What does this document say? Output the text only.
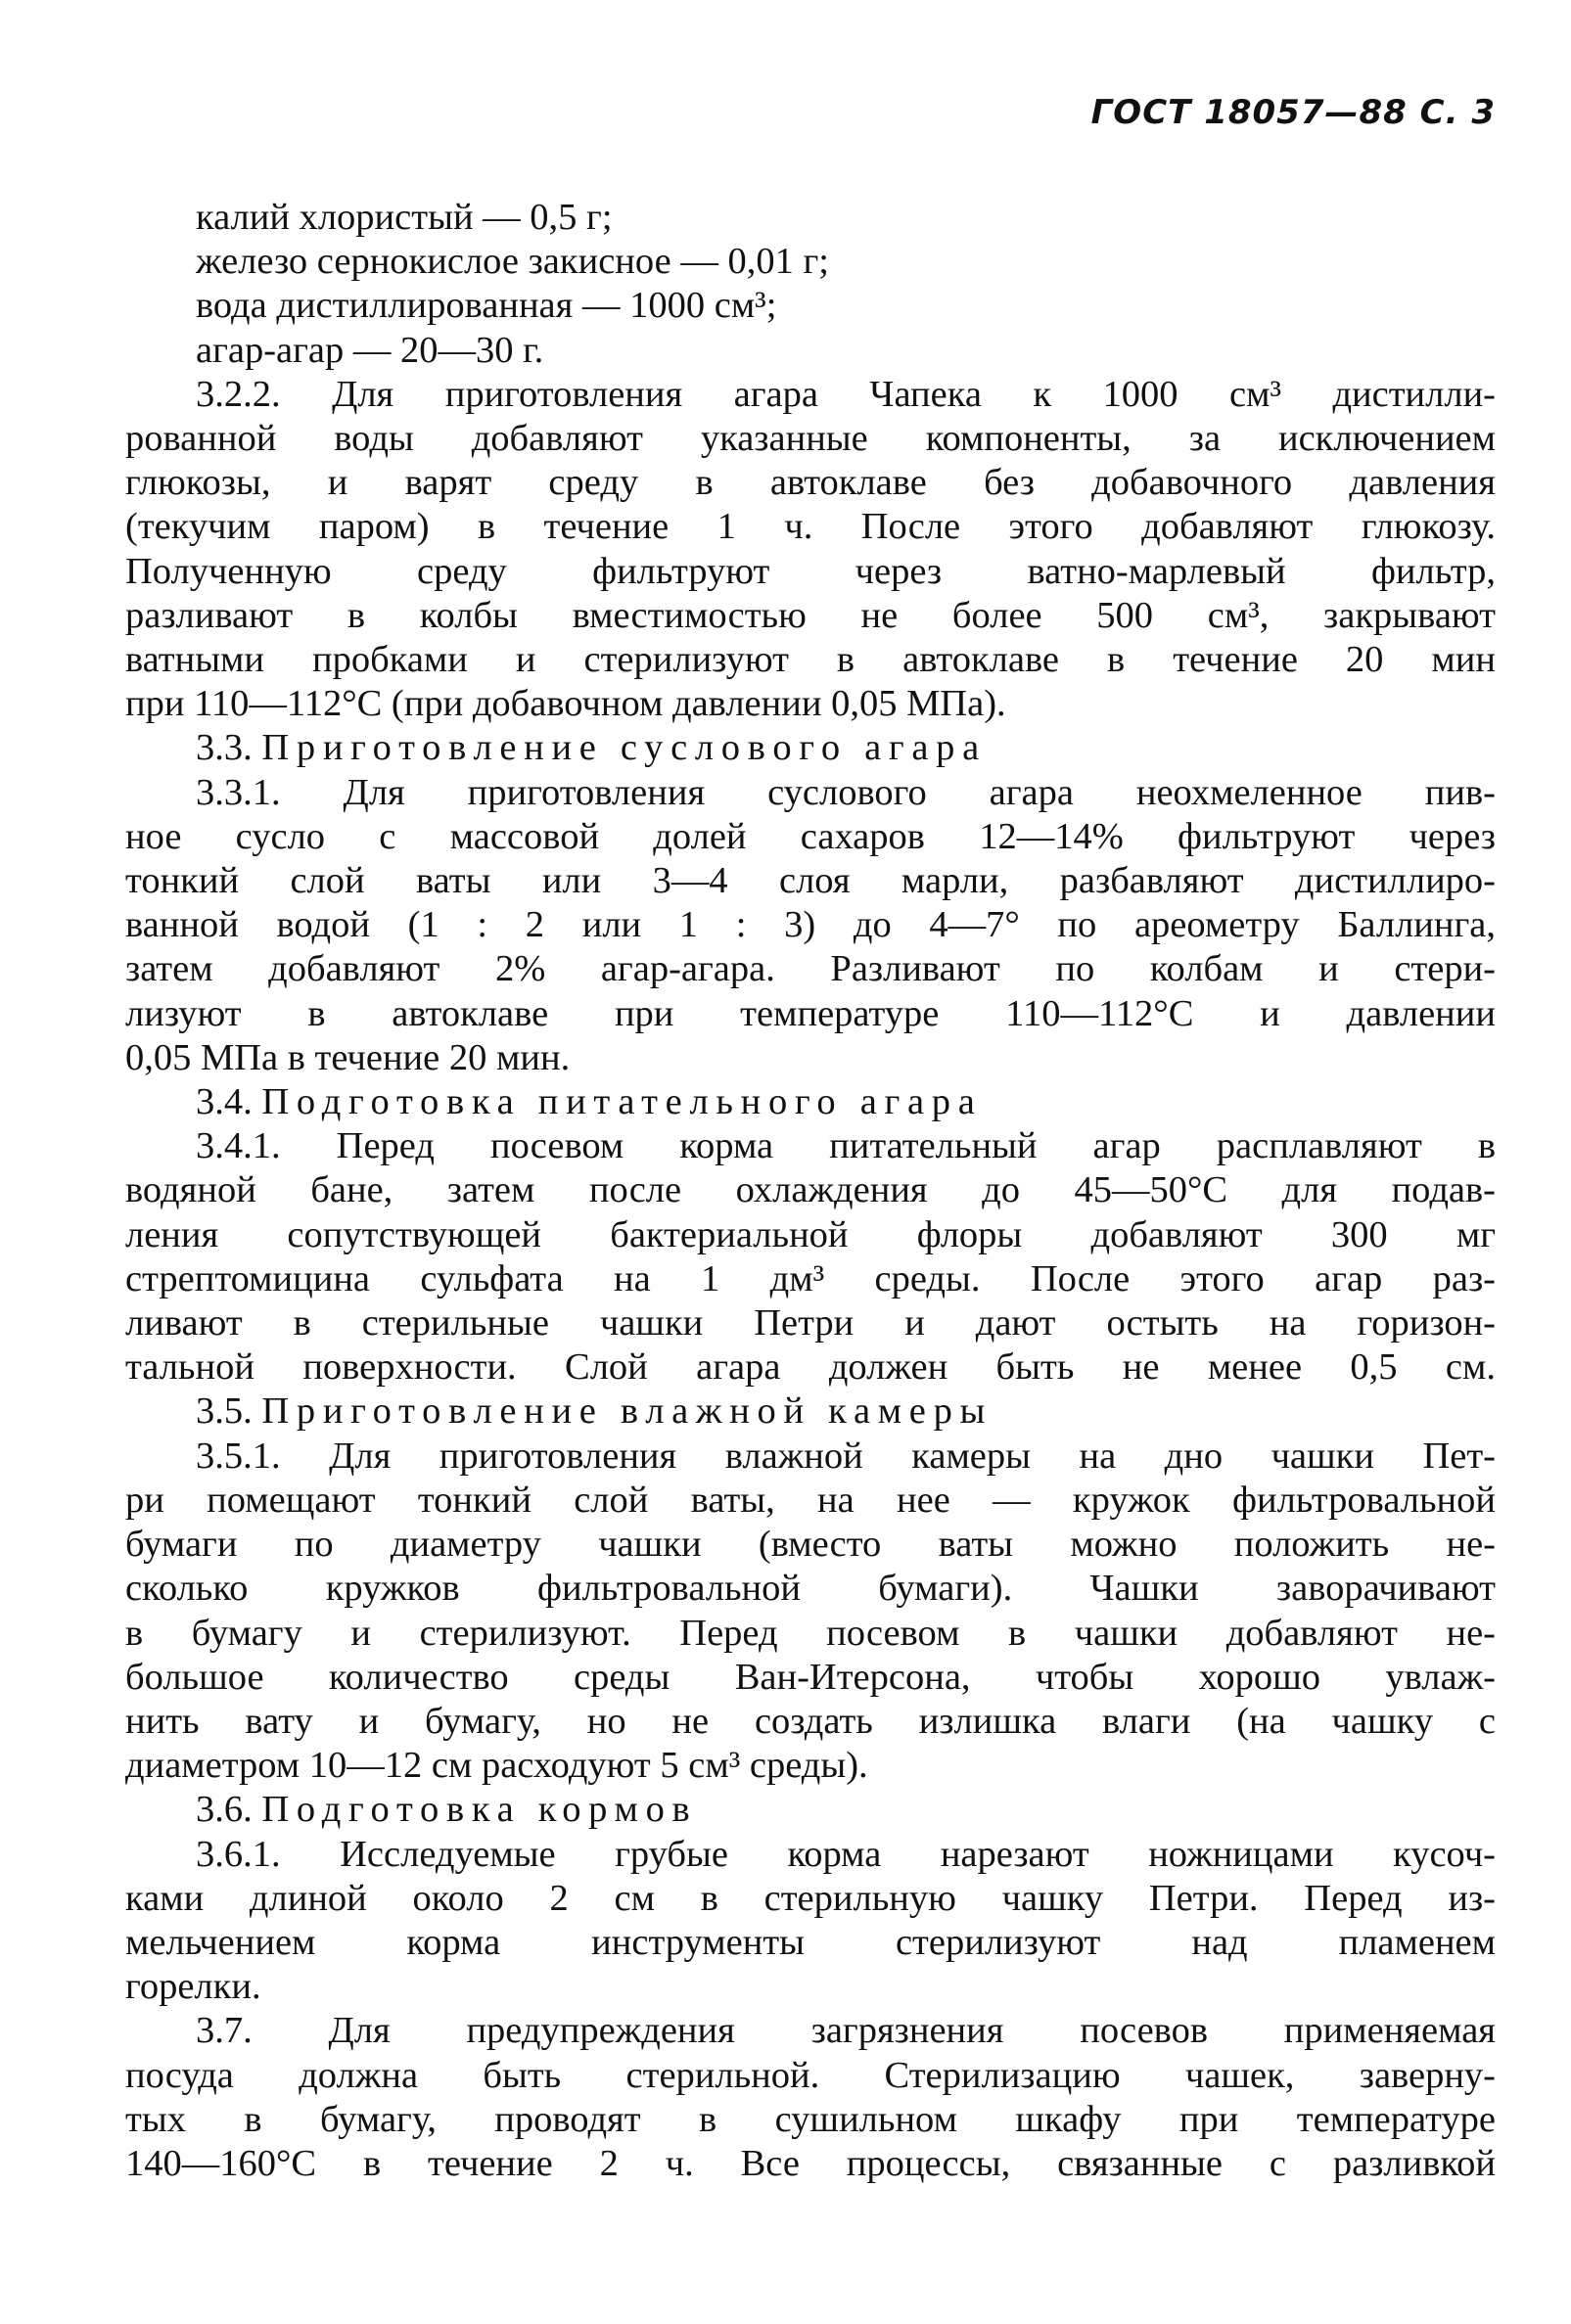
ГОСТ 18057—88 С. 3
калий хлористый — 0,5 г;
железо сернокислое закисное — 0,01 г;
вода дистиллированная — 1000 см³;
агар-агар — 20—30 г.
3.2.2. Для приготовления агара Чапека к 1000 см³ дистилли-
рованной воды добавляют указанные компоненты, за исключением
глюкозы, и варят среду в автоклаве без добавочного давления
(текучим паром) в течение 1 ч. После этого добавляют глюкозу.
Полученную среду фильтруют через ватно-марлевый фильтр,
разливают в колбы вместимостью не более 500 см³, закрывают
ватными пробками и стерилизуют в автоклаве в течение 20 мин
при 110—112°С (при добавочном давлении 0,05 МПа).
3.3. Приготовление суслового агара
3.3.1. Для приготовления суслового агара неохмеленное пив-
ное сусло с массовой долей сахаров 12—14% фильтруют через
тонкий слой ваты или 3—4 слоя марли, разбавляют дистиллиро-
ванной водой (1 : 2 или 1 : 3) до 4—7° по ареометру Баллинга,
затем добавляют 2% агар-агара. Разливают по колбам и стери-
лизуют в автоклаве при температуре 110—112°С и давлении
0,05 МПа в течение 20 мин.
3.4. Подготовка питательного агара
3.4.1. Перед посевом корма питательный агар расплавляют в
водяной бане, затем после охлаждения до 45—50°С для подав-
ления сопутствующей бактериальной флоры добавляют 300 мг
стрептомицина сульфата на 1 дм³ среды. После этого агар раз-
ливают в стерильные чашки Петри и дают остыть на горизон-
тальной поверхности. Слой агара должен быть не менее 0,5 см.
3.5. Приготовление влажной камеры
3.5.1. Для приготовления влажной камеры на дно чашки Пет-
ри помещают тонкий слой ваты, на нее — кружок фильтровальной
бумаги по диаметру чашки (вместо ваты можно положить не-
сколько кружков фильтровальной бумаги). Чашки заворачивают
в бумагу и стерилизуют. Перед посевом в чашки добавляют не-
большое количество среды Ван-Итерсона, чтобы хорошо увлаж-
нить вату и бумагу, но не создать излишка влаги (на чашку с
диаметром 10—12 см расходуют 5 см³ среды).
3.6. Подготовка кормов
3.6.1. Исследуемые грубые корма нарезают ножницами кусоч-
ками длиной около 2 см в стерильную чашку Петри. Перед из-
мельчением корма инструменты стерилизуют над пламенем
горелки.
3.7. Для предупреждения загрязнения посевов применяемая
посуда должна быть стерильной. Стерилизацию чашек, заверну-
тых в бумагу, проводят в сушильном шкафу при температуре
140—160°С в течение 2 ч. Все процессы, связанные с разливкой
